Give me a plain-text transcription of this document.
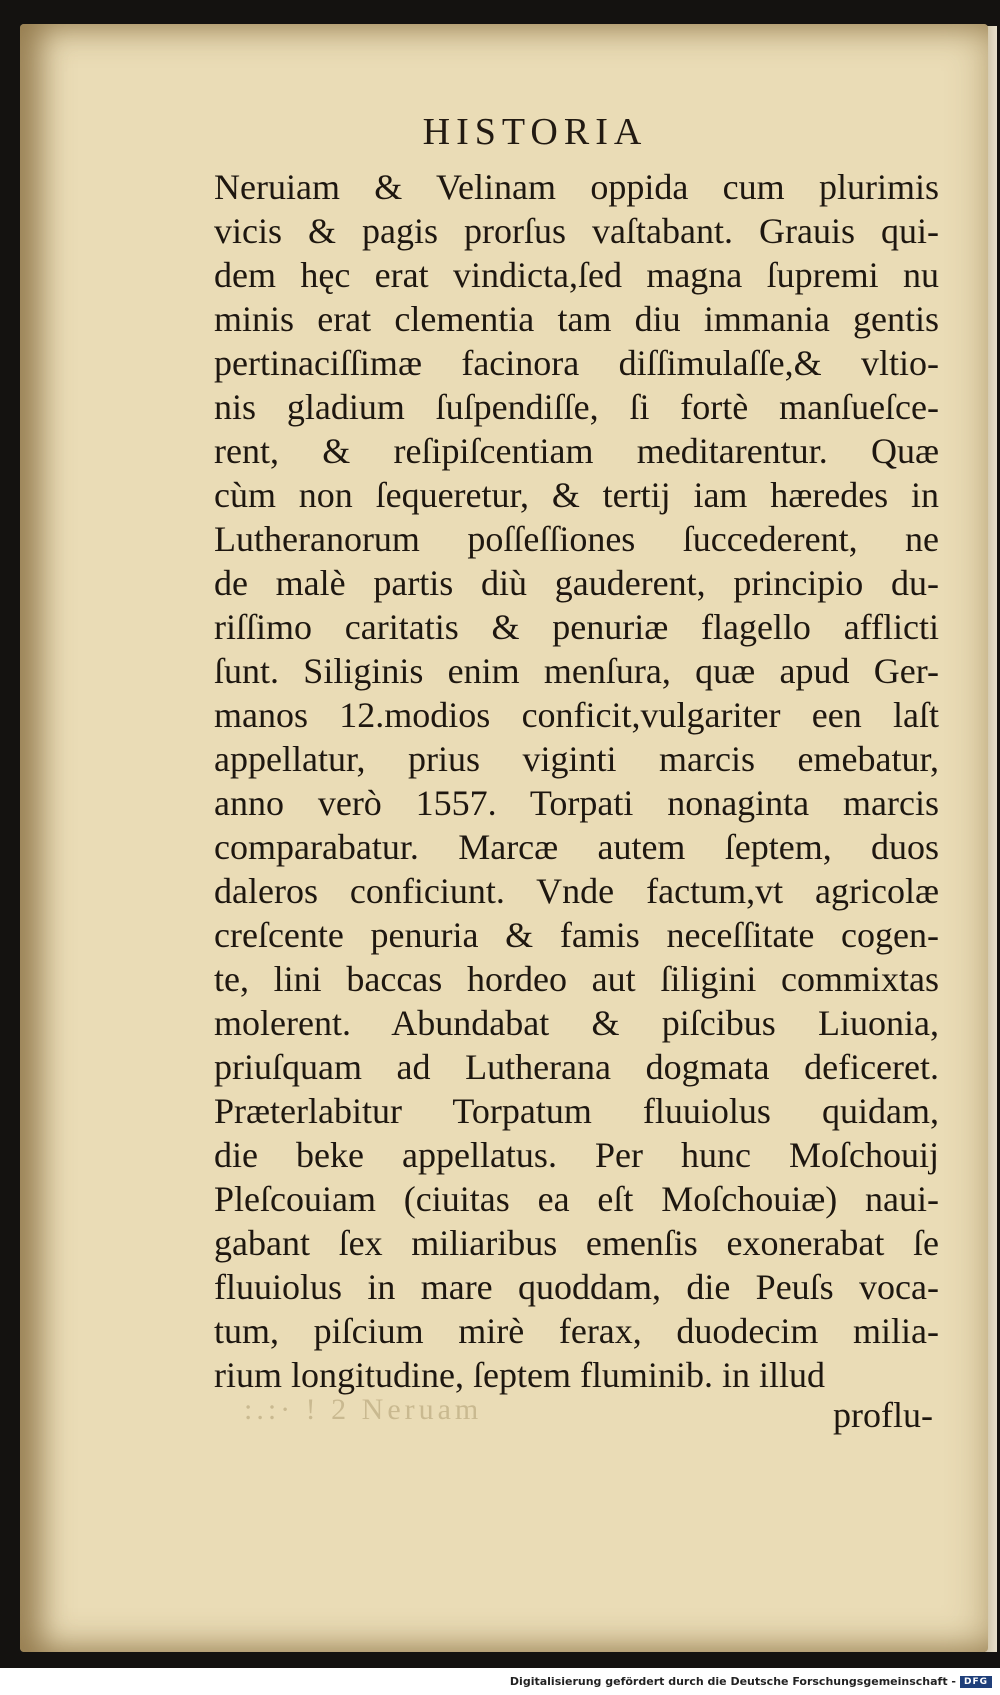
HISTORIA
Neruiam & Velinam oppida cum plurimis
vicis & pagis prorſus vaſtabant. Grauis qui-
dem hęc erat vindicta,ſed magna ſupremi nu
minis erat clementia tam diu immania gentis
pertinaciſſimæ facinora diſſimulaſſe,& vltio-
nis gladium ſuſpendiſſe, ſi fortè manſueſce-
rent, & reſipiſcentiam meditarentur. Quæ
cùm non ſequeretur, & tertij iam hæredes in
Lutheranorum poſſeſſiones ſuccederent, ne
de malè partis diù gauderent, principio du-
riſſimo caritatis & penuriæ flagello afflicti
ſunt. Siliginis enim menſura, quæ apud Ger-
manos 12.modios conficit,vulgariter een laſt
appellatur, prius viginti marcis emebatur,
anno verò 1557. Torpati nonaginta marcis
comparabatur. Marcæ autem ſeptem, duos
daleros conficiunt. Vnde factum,vt agricolæ
creſcente penuria & famis neceſſitate cogen-
te, lini baccas hordeo aut ſiligini commixtas
molerent. Abundabat & piſcibus Liuonia,
priuſquam ad Lutherana dogmata deficeret.
Præterlabitur Torpatum fluuiolus quidam,
die beke appellatus. Per hunc Moſchouij
Pleſcouiam (ciuitas ea eſt Moſchouiæ) naui-
gabant ſex miliaribus emenſis exonerabat ſe
fluuiolus in mare quoddam, die Peuſs voca-
tum, piſcium mirè ferax, duodecim milia-
rium longitudine, ſeptem fluminib. in illud
:.:· ! 2 Neruam	proflu-
Digitalisierung gefördert durch die Deutsche Forschungsgemeinschaft - DFG
